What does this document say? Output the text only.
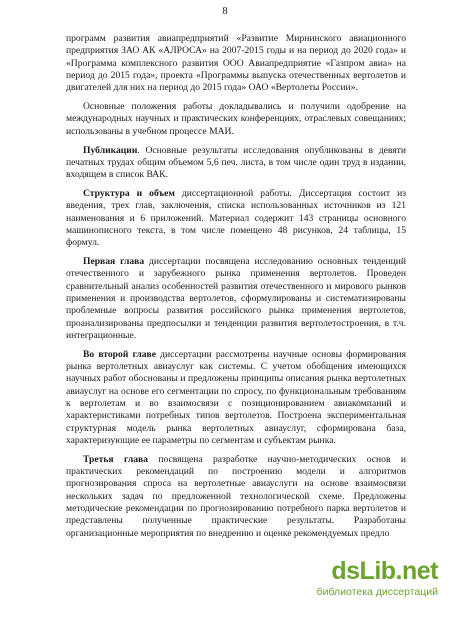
8

программ развития авиапредприятий «Развитие Мирнинского авиационного предприятия ЗАО АК «АЛРОСА» на 2007-2015 годы и на период до 2020 года» и «Программа комплексного развития ООО Авиапредприятие «Газпром авиа» на период до 2015 года», проекта «Программы выпуска отечественных вертолетов и двигателей для них на период до 2015 года» ОАО «Вертолеты России».

Основные положения работы докладывались и получили одобрение на международных научных и практических конференциях, отраслевых совещаниях; использованы в учебном процессе МАИ.

Публикации. Основные результаты исследования опубликованы в девяти печатных трудах общим объемом 5,6 печ. листа, в том числе один труд в издании, входящем в список ВАК.

Структура и объем диссертационной работы. Диссертация состоит из введения, трех глав, заключения, списка использованных источников из 121 наименования и 6 приложений. Материал содержит 143 страницы основного машинописного текста, в том числе помещено 48 рисунков, 24 таблицы, 15 формул.

Первая глава диссертации посвящена исследованию основных тенденций отечественного и зарубежного рынка применения вертолетов. Проведен сравнительный анализ особенностей развития отечественного и мирового рынков применения и производства вертолетов, сформулированы и систематизированы проблемные вопросы развития российского рынка применения вертолетов, проанализированы предпосылки и тенденции развития вертолетостроения, в т.ч. интеграционные.

Во второй главе диссертации рассмотрены научные основы формирования рынка вертолетных авиауслуг как системы. С учетом обобщения имеющихся научных работ обоснованы и предложены принципы описания рынка вертолетных авиауслуг на основе его сегментации по спросу, по функциональным требованиям к вертолетам и во взаимосвязи с позиционированием авиакомпаний и характеристиками потребных типов вертолетов. Построена экспериментальная структурная модель рынка вертолетных авиауслуг, сформирована база, характеризующие ее параметры по сегментам и субъектам рынка.

Третья глава посвящена разработке научно-методических основ и практических рекомендаций по построению модели и алгоритмов прогнозирования спроса на вертолетные авиауслуги на основе взаимосвязи нескольких задач по предложенной технологической схеме. Предложены методические рекомендации по прогнозированию потребного парка вертолетов и представлены полученные практические результаты. Разработаны организационные мероприятия по внедрению и оценке рекомендуемых предло

dsLib.net
библиотека диссертаций
